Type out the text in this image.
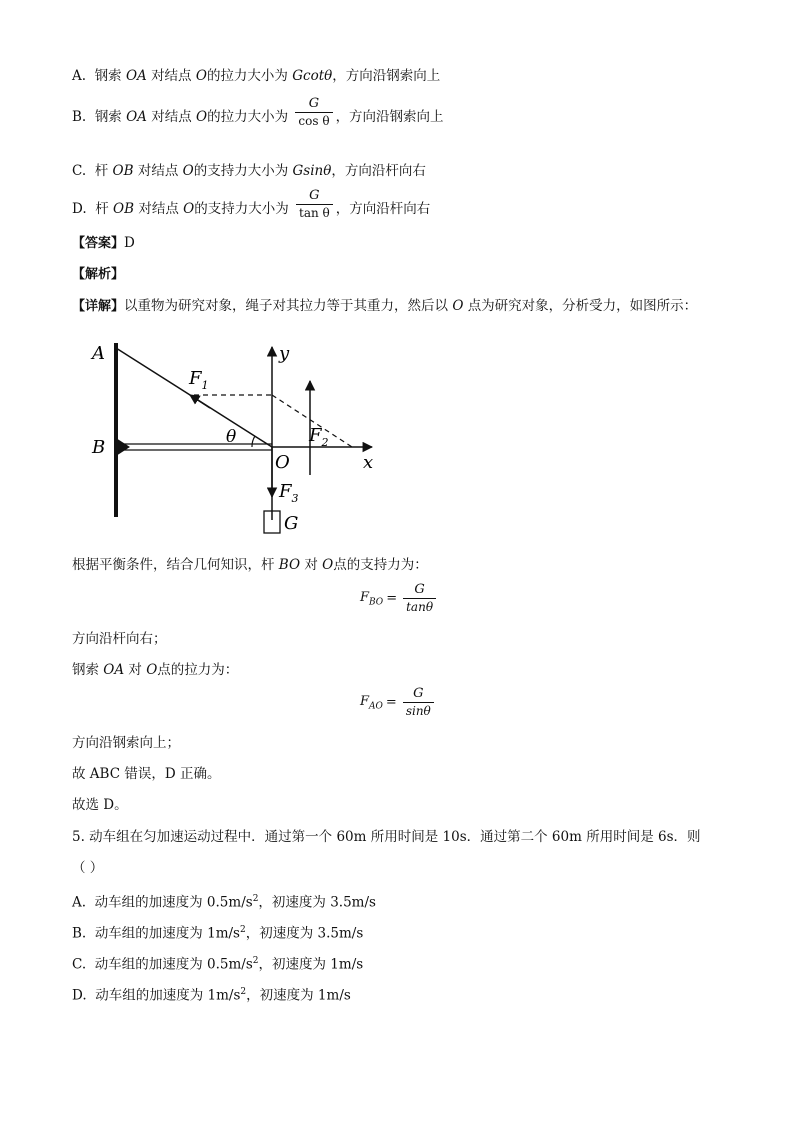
A. 钢索 OA 对结点 O的拉力大小为 Gcotθ，方向沿钢索向上
B. 钢索 OA 对结点 O的拉力大小为 $\frac{G}{\text{cos θ}}$ ，方向沿钢索向上
C. 杆 OB 对结点 O的支持力大小为 Gsinθ，方向沿杆向右
D. 杆 OB 对结点 O的支持力大小为 $\frac{G}{\text{tan θ}}$ ，方向沿杆向右
【答案】D
【解析】
【详解】以重物为研究对象，绳子对其拉力等于其重力，然后以 O 点为研究对象，分析受力，如图所示：
A
B
O	x
y
θ
$F_1$
$F_2$
$F_3$
G
根据平衡条件，结合几何知识，杆 BO 对 O点的支持力为：
$F_{BO} = \frac{G}{\tan\theta}$
方向沿杆向右；
钢索 OA 对 O点的拉力为：
$F_{AO} = \frac{G}{\sin\theta}$
方向沿钢索向上；
故 ABC 错误，D 正确。
故选 D。
5. 动车组在匀加速运动过程中．通过第一个 60m 所用时间是 10s．通过第二个 60m 所用时间是 6s．则
（ ）
A. 动车组的加速度为 $0.5m/s^2$，初速度为 3.5m/s
B. 动车组的加速度为 $1m/s^2$，初速度为 3.5m/s
C. 动车组的加速度为 $0.5m/s^2$，初速度为 1m/s
D. 动车组的加速度为 $1m/s^2$，初速度为 1m/s
